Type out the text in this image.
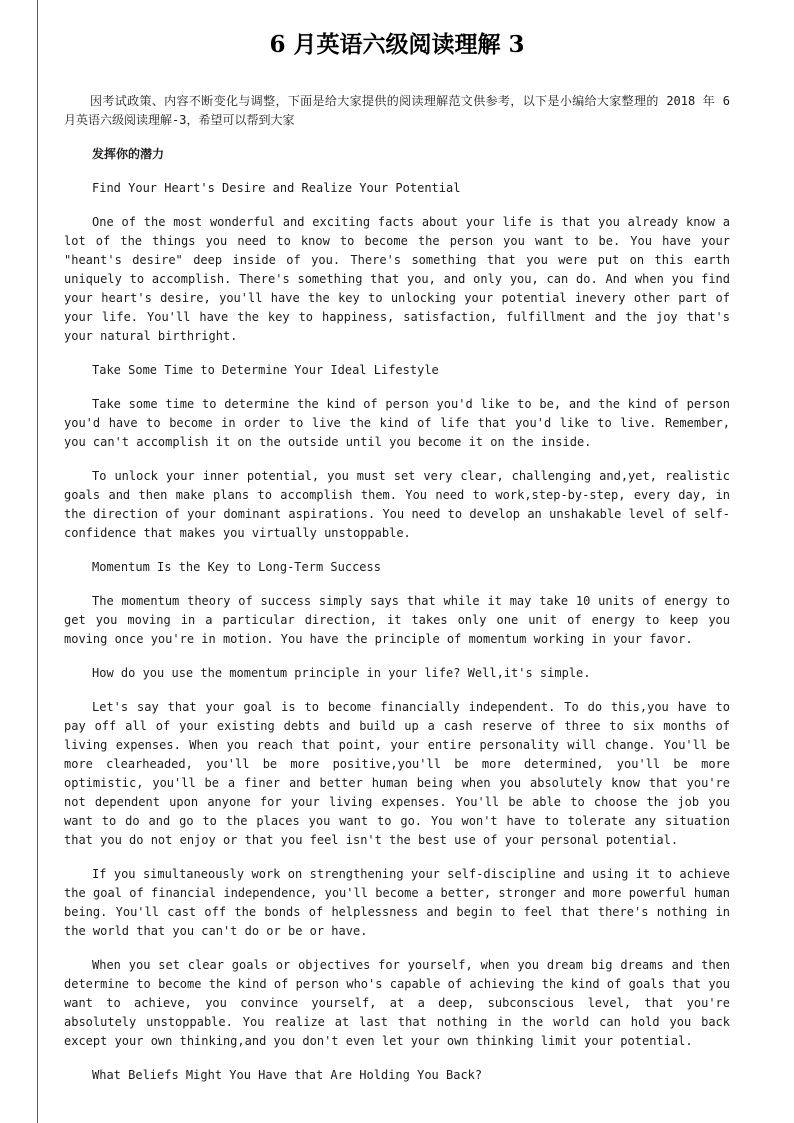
6 月英语六级阅读理解 3

因考试政策、内容不断变化与调整，下面是给大家提供的阅读理解范文供参考，以下是小编给大家整理的 2018 年 6 月英语六级阅读理解-3，希望可以帮到大家

发挥你的潜力

Find Your Heart's Desire and Realize Your Potential

One of the most wonderful and exciting facts about your life is that you already know a lot of the things you need to know to become the person you want to be. You have your "heant's desire" deep inside of you. There's something that you were put on this earth uniquely to accomplish. There's something that you, and only you, can do. And when you find your heart's desire, you'll have the key to unlocking your potential inevery other part of your life. You'll have the key to happiness, satisfaction, fulfillment and the joy that's your natural birthright.

Take Some Time to Determine Your Ideal Lifestyle

Take some time to determine the kind of person you'd like to be, and the kind of person you'd have to become in order to live the kind of life that you'd like to live. Remember, you can't accomplish it on the outside until you become it on the inside.

To unlock your inner potential, you must set very clear, challenging and,yet, realistic goals and then make plans to accomplish them. You need to work,step-by-step, every day, in the direction of your dominant aspirations. You need to develop an unshakable level of self-confidence that makes you virtually unstoppable.

Momentum Is the Key to Long-Term Success

The momentum theory of success simply says that while it may take 10 units of energy to get you moving in a particular direction, it takes only one unit of energy to keep you moving once you're in motion. You have the principle of momentum working in your favor.

How do you use the momentum principle in your life? Well,it's simple.

Let's say that your goal is to become financially independent. To do this,you have to pay off all of your existing debts and build up a cash reserve of three to six months of living expenses. When you reach that point, your entire personality will change. You'll be more clearheaded, you'll be more positive,you'll be more determined, you'll be more optimistic, you'll be a finer and better human being when you absolutely know that you're not dependent upon anyone for your living expenses. You'll be able to choose the job you want to do and go to the places you want to go. You won't have to tolerate any situation that you do not enjoy or that you feel isn't the best use of your personal potential.

If you simultaneously work on strengthening your self-discipline and using it to achieve the goal of financial independence, you'll become a better, stronger and more powerful human being. You'll cast off the bonds of helplessness and begin to feel that there's nothing in the world that you can't do or be or have.

When you set clear goals or objectives for yourself, when you dream big dreams and then determine to become the kind of person who's capable of achieving the kind of goals that you want to achieve, you convince yourself, at a deep, subconscious level, that you're absolutely unstoppable. You realize at last that nothing in the world can hold you back except your own thinking,and you don't even let your own thinking limit your potential.

What Beliefs Might You Have that Are Holding You Back?
